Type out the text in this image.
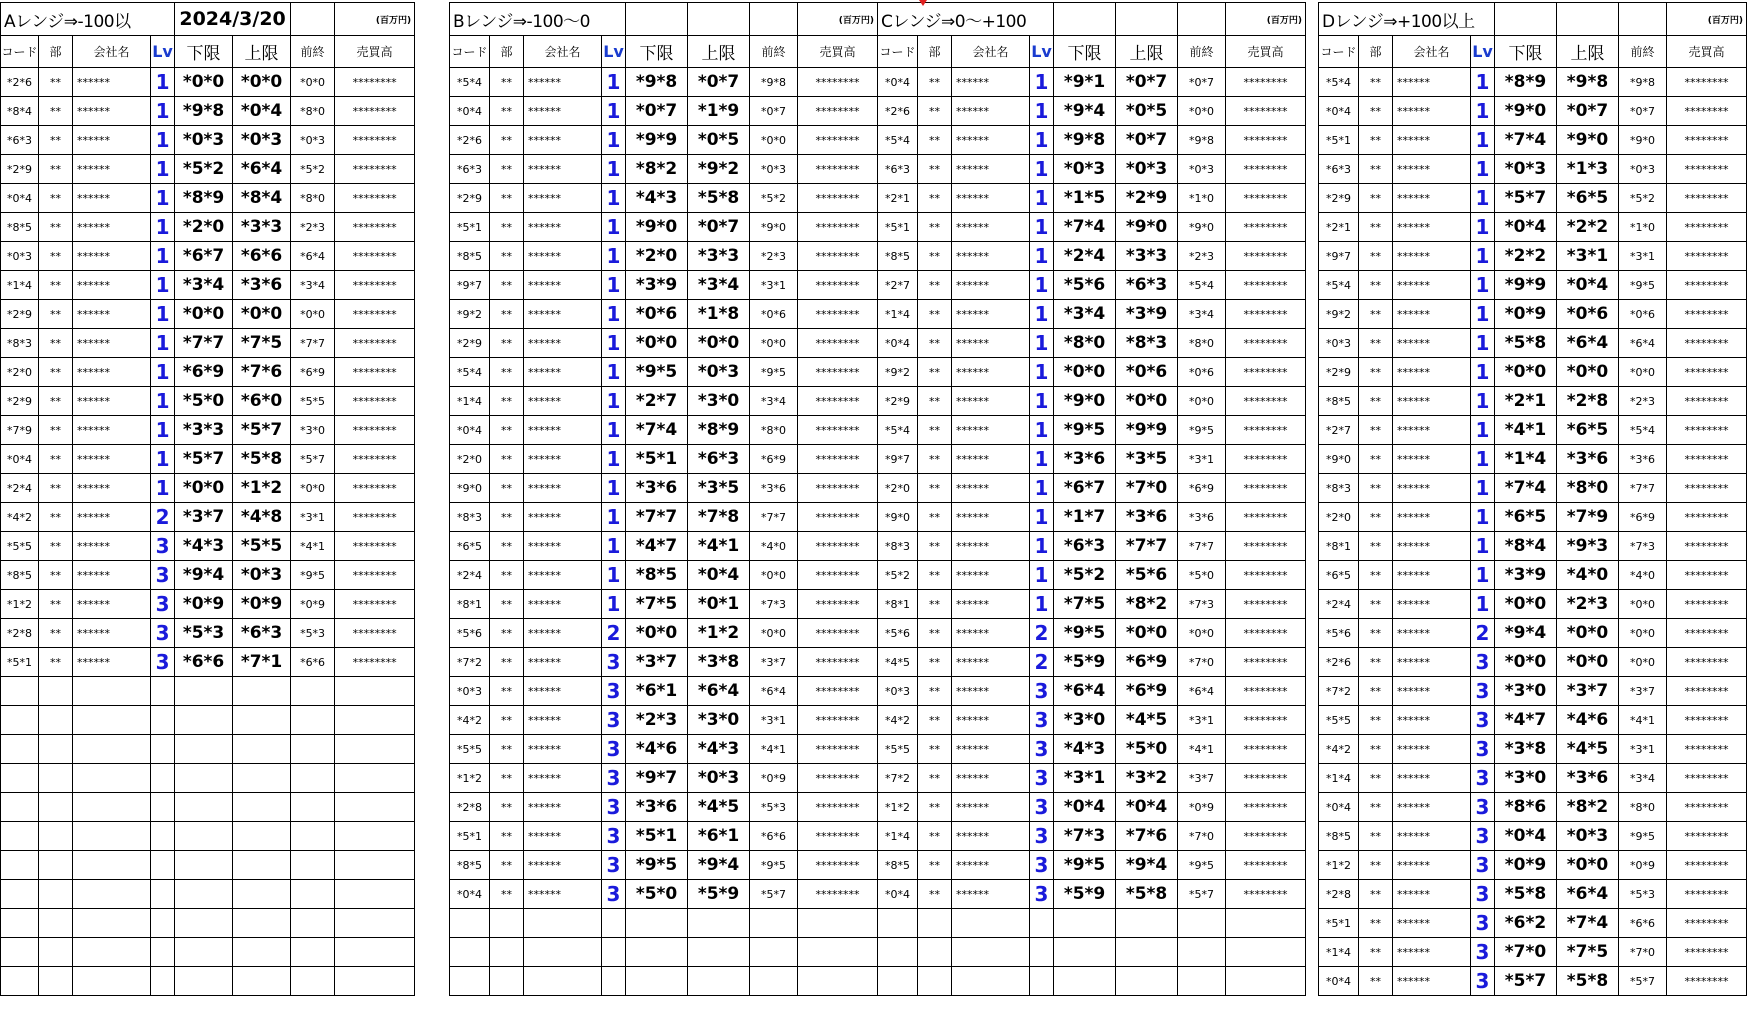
Aレンジ⇒-100以				2024/3/20			(百万円)
コード	部	会社名	Lv	下限	上限	前終	売買高
*2*6	**	******	1	*0*0	*0*0	*0*0	********
*8*4	**	******	1	*9*8	*0*4	*8*0	********
*6*3	**	******	1	*0*3	*0*3	*0*3	********
*2*9	**	******	1	*5*2	*6*4	*5*2	********
*0*4	**	******	1	*8*9	*8*4	*8*0	********
*8*5	**	******	1	*2*0	*3*3	*2*3	********
*0*3	**	******	1	*6*7	*6*6	*6*4	********
*1*4	**	******	1	*3*4	*3*6	*3*4	********
*2*9	**	******	1	*0*0	*0*0	*0*0	********
*8*3	**	******	1	*7*7	*7*5	*7*7	********
*2*0	**	******	1	*6*9	*7*6	*6*9	********
*2*9	**	******	1	*5*0	*6*0	*5*5	********
*7*9	**	******	1	*3*3	*5*7	*3*0	********
*0*4	**	******	1	*5*7	*5*8	*5*7	********
*2*4	**	******	1	*0*0	*1*2	*0*0	********
*4*2	**	******	2	*3*7	*4*8	*3*1	********
*5*5	**	******	3	*4*3	*5*5	*4*1	********
*8*5	**	******	3	*9*4	*0*3	*9*5	********
*1*2	**	******	3	*0*9	*0*9	*0*9	********
*2*8	**	******	3	*5*3	*6*3	*5*3	********
*5*1	**	******	3	*6*6	*7*1	*6*6	********

Bレンジ⇒-100〜0							(百万円)
コード	部	会社名	Lv	下限	上限	前終	売買高
*5*4	**	******	1	*9*8	*0*7	*9*8	********
*0*4	**	******	1	*0*7	*1*9	*0*7	********
*2*6	**	******	1	*9*9	*0*5	*0*0	********
*6*3	**	******	1	*8*2	*9*2	*0*3	********
*2*9	**	******	1	*4*3	*5*8	*5*2	********
*5*1	**	******	1	*9*0	*0*7	*9*0	********
*8*5	**	******	1	*2*0	*3*3	*2*3	********
*9*7	**	******	1	*3*9	*3*4	*3*1	********
*9*2	**	******	1	*0*6	*1*8	*0*6	********
*2*9	**	******	1	*0*0	*0*0	*0*0	********
*5*4	**	******	1	*9*5	*0*3	*9*5	********
*1*4	**	******	1	*2*7	*3*0	*3*4	********
*0*4	**	******	1	*7*4	*8*9	*8*0	********
*2*0	**	******	1	*5*1	*6*3	*6*9	********
*9*0	**	******	1	*3*6	*3*5	*3*6	********
*8*3	**	******	1	*7*7	*7*8	*7*7	********
*6*5	**	******	1	*4*7	*4*1	*4*0	********
*2*4	**	******	1	*8*5	*0*4	*0*0	********
*8*1	**	******	1	*7*5	*0*1	*7*3	********
*5*6	**	******	2	*0*0	*1*2	*0*0	********
*7*2	**	******	3	*3*7	*3*8	*3*7	********
*0*3	**	******	3	*6*1	*6*4	*6*4	********
*4*2	**	******	3	*2*3	*3*0	*3*1	********
*5*5	**	******	3	*4*6	*4*3	*4*1	********
*1*2	**	******	3	*9*7	*0*3	*0*9	********
*2*8	**	******	3	*3*6	*4*5	*5*3	********
*5*1	**	******	3	*5*1	*6*1	*6*6	********
*8*5	**	******	3	*9*5	*9*4	*9*5	********
*0*4	**	******	3	*5*0	*5*9	*5*7	********

Cレンジ⇒0〜+100							(百万円)
コード	部	会社名	Lv	下限	上限	前終	売買高
*0*4	**	******	1	*9*1	*0*7	*0*7	********
*2*6	**	******	1	*9*4	*0*5	*0*0	********
*5*4	**	******	1	*9*8	*0*7	*9*8	********
*6*3	**	******	1	*0*3	*0*3	*0*3	********
*2*1	**	******	1	*1*5	*2*9	*1*0	********
*5*1	**	******	1	*7*4	*9*0	*9*0	********
*8*5	**	******	1	*2*4	*3*3	*2*3	********
*2*7	**	******	1	*5*6	*6*3	*5*4	********
*1*4	**	******	1	*3*4	*3*9	*3*4	********
*0*4	**	******	1	*8*0	*8*3	*8*0	********
*9*2	**	******	1	*0*0	*0*6	*0*6	********
*2*9	**	******	1	*9*0	*0*0	*0*0	********
*5*4	**	******	1	*9*5	*9*9	*9*5	********
*9*7	**	******	1	*3*6	*3*5	*3*1	********
*2*0	**	******	1	*6*7	*7*0	*6*9	********
*9*0	**	******	1	*1*7	*3*6	*3*6	********
*8*3	**	******	1	*6*3	*7*7	*7*7	********
*5*2	**	******	1	*5*2	*5*6	*5*0	********
*8*1	**	******	1	*7*5	*8*2	*7*3	********
*5*6	**	******	2	*9*5	*0*0	*0*0	********
*4*5	**	******	2	*5*9	*6*9	*7*0	********
*0*3	**	******	3	*6*4	*6*9	*6*4	********
*4*2	**	******	3	*3*0	*4*5	*3*1	********
*5*5	**	******	3	*4*3	*5*0	*4*1	********
*7*2	**	******	3	*3*1	*3*2	*3*7	********
*1*2	**	******	3	*0*4	*0*4	*0*9	********
*1*4	**	******	3	*7*3	*7*6	*7*0	********
*8*5	**	******	3	*9*5	*9*4	*9*5	********
*0*4	**	******	3	*5*9	*5*8	*5*7	********

Dレンジ⇒+100以上							(百万円)
コード	部	会社名	Lv	下限	上限	前終	売買高
*5*4	**	******	1	*8*9	*9*8	*9*8	********
*0*4	**	******	1	*9*0	*0*7	*0*7	********
*5*1	**	******	1	*7*4	*9*0	*9*0	********
*6*3	**	******	1	*0*3	*1*3	*0*3	********
*2*9	**	******	1	*5*7	*6*5	*5*2	********
*2*1	**	******	1	*0*4	*2*2	*1*0	********
*9*7	**	******	1	*2*2	*3*1	*3*1	********
*5*4	**	******	1	*9*9	*0*4	*9*5	********
*9*2	**	******	1	*0*9	*0*6	*0*6	********
*0*3	**	******	1	*5*8	*6*4	*6*4	********
*2*9	**	******	1	*0*0	*0*0	*0*0	********
*8*5	**	******	1	*2*1	*2*8	*2*3	********
*2*7	**	******	1	*4*1	*6*5	*5*4	********
*9*0	**	******	1	*1*4	*3*6	*3*6	********
*8*3	**	******	1	*7*4	*8*0	*7*7	********
*2*0	**	******	1	*6*5	*7*9	*6*9	********
*8*1	**	******	1	*8*4	*9*3	*7*3	********
*6*5	**	******	1	*3*9	*4*0	*4*0	********
*2*4	**	******	1	*0*0	*2*3	*0*0	********
*5*6	**	******	2	*9*4	*0*0	*0*0	********
*2*6	**	******	3	*0*0	*0*0	*0*0	********
*7*2	**	******	3	*3*0	*3*7	*3*7	********
*5*5	**	******	3	*4*7	*4*6	*4*1	********
*4*2	**	******	3	*3*8	*4*5	*3*1	********
*1*4	**	******	3	*3*0	*3*6	*3*4	********
*0*4	**	******	3	*8*6	*8*2	*8*0	********
*8*5	**	******	3	*0*4	*0*3	*9*5	********
*1*2	**	******	3	*0*9	*0*0	*0*9	********
*2*8	**	******	3	*5*8	*6*4	*5*3	********
*5*1	**	******	3	*6*2	*7*4	*6*6	********
*1*4	**	******	3	*7*0	*7*5	*7*0	********
*0*4	**	******	3	*5*7	*5*8	*5*7	********
